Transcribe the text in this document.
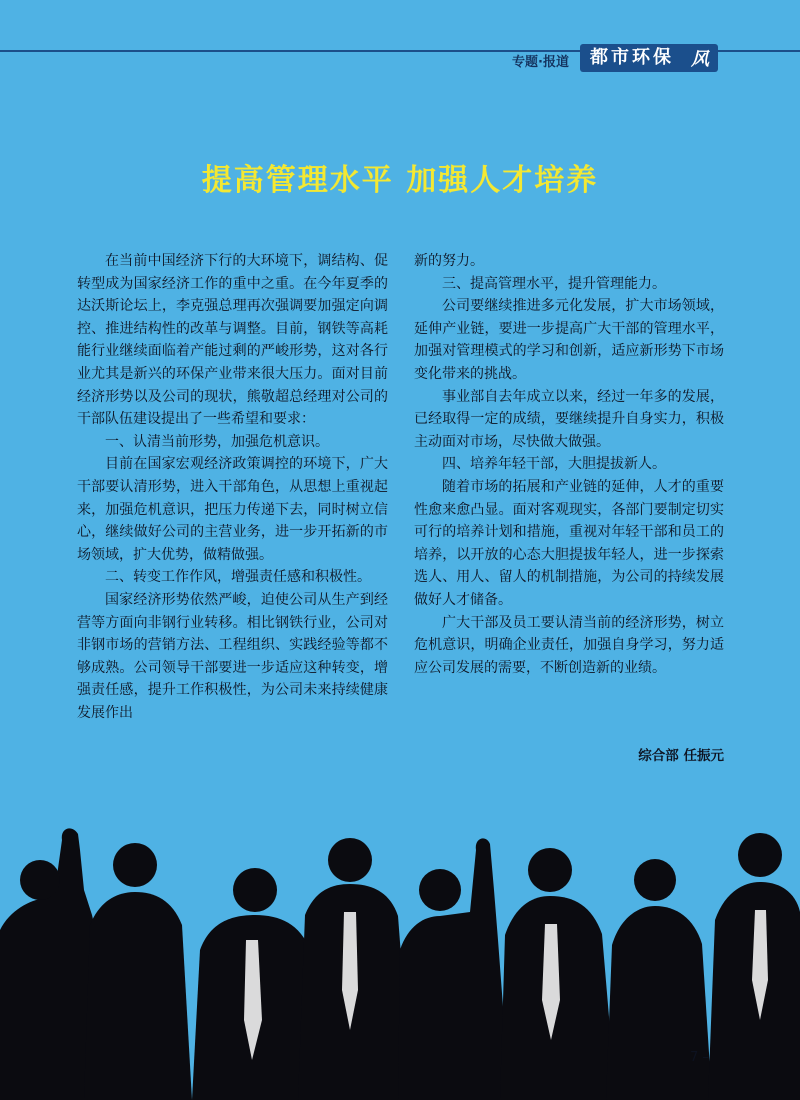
专题·报道	都市环保 风
提高管理水平 加强人才培养

在当前中国经济下行的大环境下，调结构、促转型成为国家经济工作的重中之重。在今年夏季的达沃斯论坛上，李克强总理再次强调要加强定向调控、推进结构性的改革与调整。目前，钢铁等高耗能行业继续面临着产能过剩的严峻形势，这对各行业尤其是新兴的环保产业带来很大压力。面对目前经济形势以及公司的现状，熊敬超总经理对公司的干部队伍建设提出了一些希望和要求：

一、认清当前形势，加强危机意识。

目前在国家宏观经济政策调控的环境下，广大干部要认清形势，进入干部角色，从思想上重视起来，加强危机意识，把压力传递下去，同时树立信心，继续做好公司的主营业务，进一步开拓新的市场领域，扩大优势，做精做强。

二、转变工作作风，增强责任感和积极性。

国家经济形势依然严峻，迫使公司从生产到经营等方面向非钢行业转移。相比钢铁行业，公司对非钢市场的营销方法、工程组织、实践经验等都不够成熟。公司领导干部要进一步适应这种转变，增强责任感，提升工作积极性，为公司未来持续健康发展作出

新的努力。

三、提高管理水平，提升管理能力。

公司要继续推进多元化发展，扩大市场领域，延伸产业链，要进一步提高广大干部的管理水平，加强对管理模式的学习和创新，适应新形势下市场变化带来的挑战。

事业部自去年成立以来，经过一年多的发展，已经取得一定的成绩，要继续提升自身实力，积极主动面对市场，尽快做大做强。

四、培养年轻干部，大胆提拔新人。

随着市场的拓展和产业链的延伸，人才的重要性愈来愈凸显。面对客观现实，各部门要制定切实可行的培养计划和措施，重视对年轻干部和员工的培养，以开放的心态大胆提拔年轻人，进一步探索选人、用人、留人的机制措施，为公司的持续发展做好人才储备。

广大干部及员工要认清当前的经济形势，树立危机意识，明确企业责任，加强自身学习，努力适应公司发展的需要，不断创造新的业绩。

综合部 任振元
7 –
